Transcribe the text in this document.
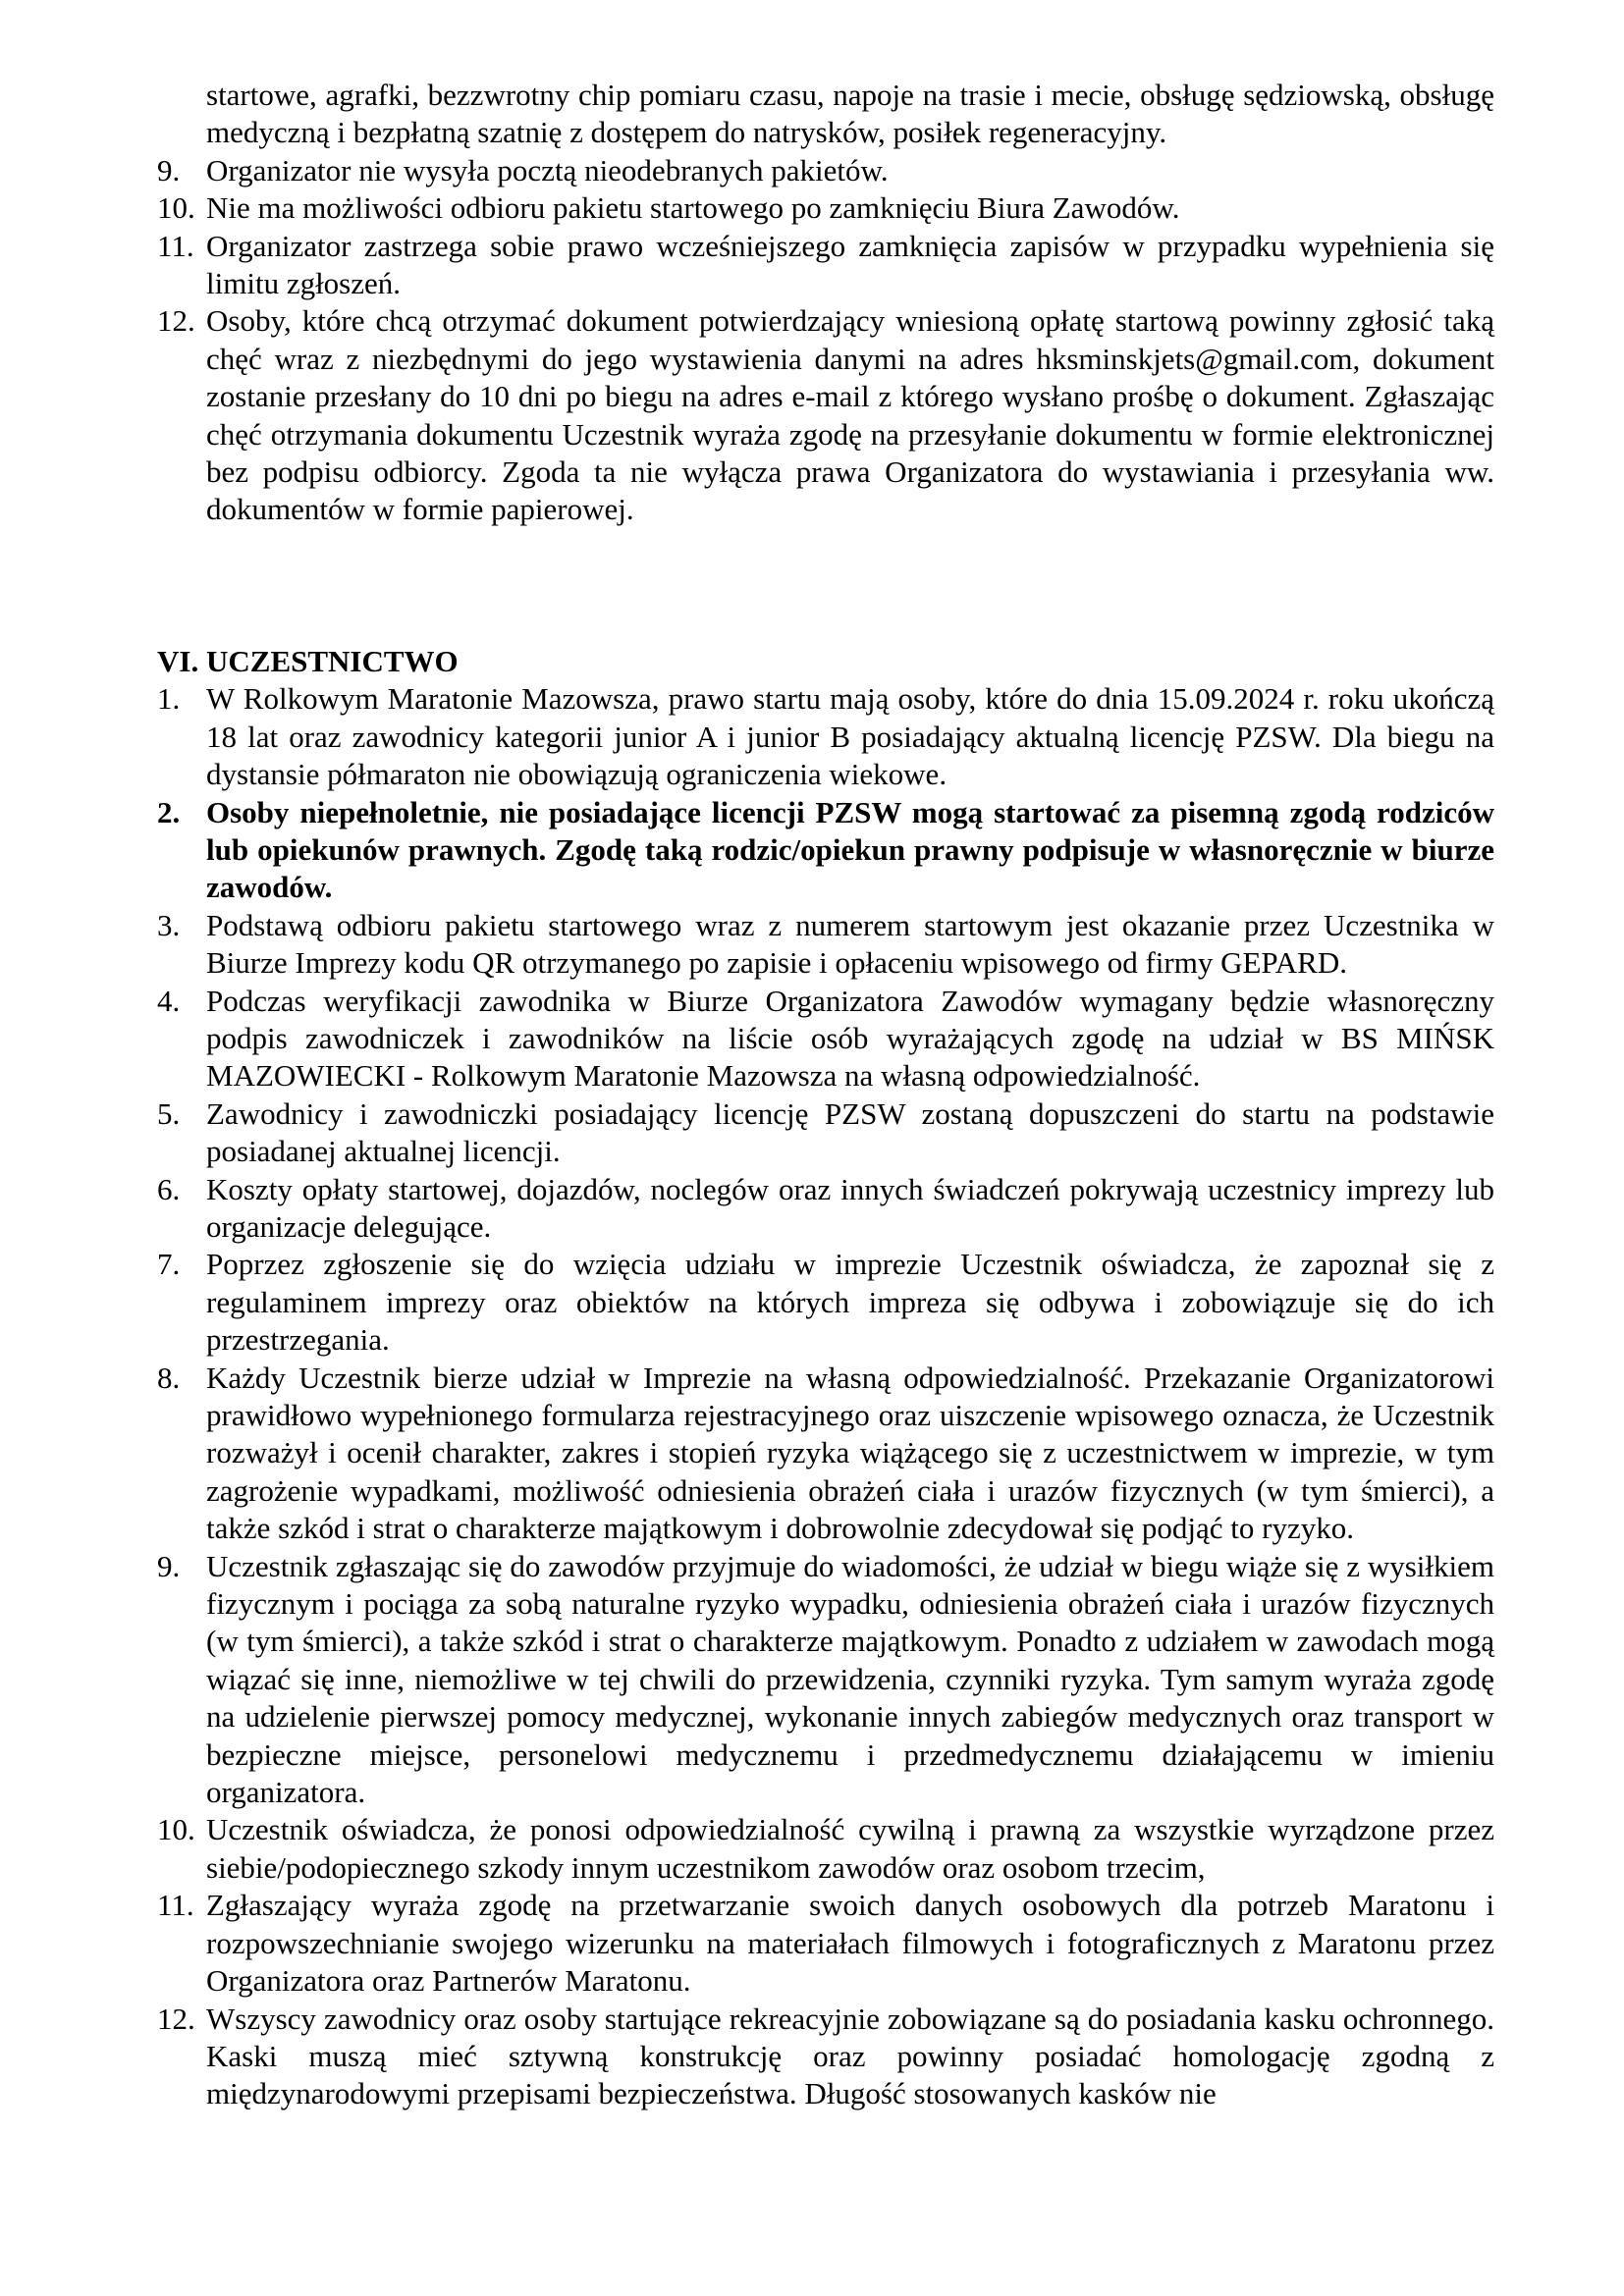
startowe, agrafki, bezzwrotny chip pomiaru czasu, napoje na trasie i mecie, obsługę sędziowską, obsługę medyczną i bezpłatną szatnię z dostępem do natrysków, posiłek regeneracyjny.
9. Organizator nie wysyła pocztą nieodebranych pakietów.
10. Nie ma możliwości odbioru pakietu startowego po zamknięciu Biura Zawodów.
11. Organizator zastrzega sobie prawo wcześniejszego zamknięcia zapisów w przypadku wypełnienia się limitu zgłoszeń.
12. Osoby, które chcą otrzymać dokument potwierdzający wniesioną opłatę startową powinny zgłosić taką chęć wraz z niezbędnymi do jego wystawienia danymi na adres hksminskjets@gmail.com, dokument zostanie przesłany do 10 dni po biegu na adres e-mail z którego wysłano prośbę o dokument. Zgłaszając chęć otrzymania dokumentu Uczestnik wyraża zgodę na przesyłanie dokumentu w formie elektronicznej bez podpisu odbiorcy. Zgoda ta nie wyłącza prawa Organizatora do wystawiania i przesyłania ww. dokumentów w formie papierowej.
VI. UCZESTNICTWO
1. W Rolkowym Maratonie Mazowsza, prawo startu mają osoby, które do dnia 15.09.2024 r. roku ukończą 18 lat oraz zawodnicy kategorii junior A i junior B posiadający aktualną licencję PZSW. Dla biegu na dystansie półmaraton nie obowiązują ograniczenia wiekowe.
2. Osoby niepełnoletnie, nie posiadające licencji PZSW mogą startować za pisemną zgodą rodziców lub opiekunów prawnych. Zgodę taką rodzic/opiekun prawny podpisuje w własnoręcznie w biurze zawodów.
3. Podstawą odbioru pakietu startowego wraz z numerem startowym jest okazanie przez Uczestnika w Biurze Imprezy kodu QR otrzymanego po zapisie i opłaceniu wpisowego od firmy GEPARD.
4. Podczas weryfikacji zawodnika w Biurze Organizatora Zawodów wymagany będzie własnoręczny podpis zawodniczek i zawodników na liście osób wyrażających zgodę na udział w BS MIŃSK MAZOWIECKI - Rolkowym Maratonie Mazowsza na własną odpowiedzialność.
5. Zawodnicy i zawodniczki posiadający licencję PZSW zostaną dopuszczeni do startu na podstawie posiadanej aktualnej licencji.
6. Koszty opłaty startowej, dojazdów, noclegów oraz innych świadczeń pokrywają uczestnicy imprezy lub organizacje delegujące.
7. Poprzez zgłoszenie się do wzięcia udziału w imprezie Uczestnik oświadcza, że zapoznał się z regulaminem imprezy oraz obiektów na których impreza się odbywa i zobowiązuje się do ich przestrzegania.
8. Każdy Uczestnik bierze udział w Imprezie na własną odpowiedzialność. Przekazanie Organizatorowi prawidłowo wypełnionego formularza rejestracyjnego oraz uiszczenie wpisowego oznacza, że Uczestnik rozważył i ocenił charakter, zakres i stopień ryzyka wiążącego się z uczestnictwem w imprezie, w tym zagrożenie wypadkami, możliwość odniesienia obrażeń ciała i urazów fizycznych (w tym śmierci), a także szkód i strat o charakterze majątkowym i dobrowolnie zdecydował się podjąć to ryzyko.
9. Uczestnik zgłaszając się do zawodów przyjmuje do wiadomości, że udział w biegu wiąże się z wysiłkiem fizycznym i pociąga za sobą naturalne ryzyko wypadku, odniesienia obrażeń ciała i urazów fizycznych (w tym śmierci), a także szkód i strat o charakterze majątkowym. Ponadto z udziałem w zawodach mogą wiązać się inne, niemożliwe w tej chwili do przewidzenia, czynniki ryzyka. Tym samym wyraża zgodę na udzielenie pierwszej pomocy medycznej, wykonanie innych zabiegów medycznych oraz transport w bezpieczne miejsce, personelowi medycznemu i przedmedycznemu działającemu w imieniu organizatora.
10. Uczestnik oświadcza, że ponosi odpowiedzialność cywilną i prawną za wszystkie wyrządzone przez siebie/podopiecznego szkody innym uczestnikom zawodów oraz osobom trzecim,
11. Zgłaszający wyraża zgodę na przetwarzanie swoich danych osobowych dla potrzeb Maratonu i rozpowszechnianie swojego wizerunku na materiałach filmowych i fotograficznych z Maratonu przez Organizatora oraz Partnerów Maratonu.
12. Wszyscy zawodnicy oraz osoby startujące rekreacyjnie zobowiązane są do posiadania kasku ochronnego. Kaski muszą mieć sztywną konstrukcję oraz powinny posiadać homologację zgodną z międzynarodowymi przepisami bezpieczeństwa. Długość stosowanych kasków nie
